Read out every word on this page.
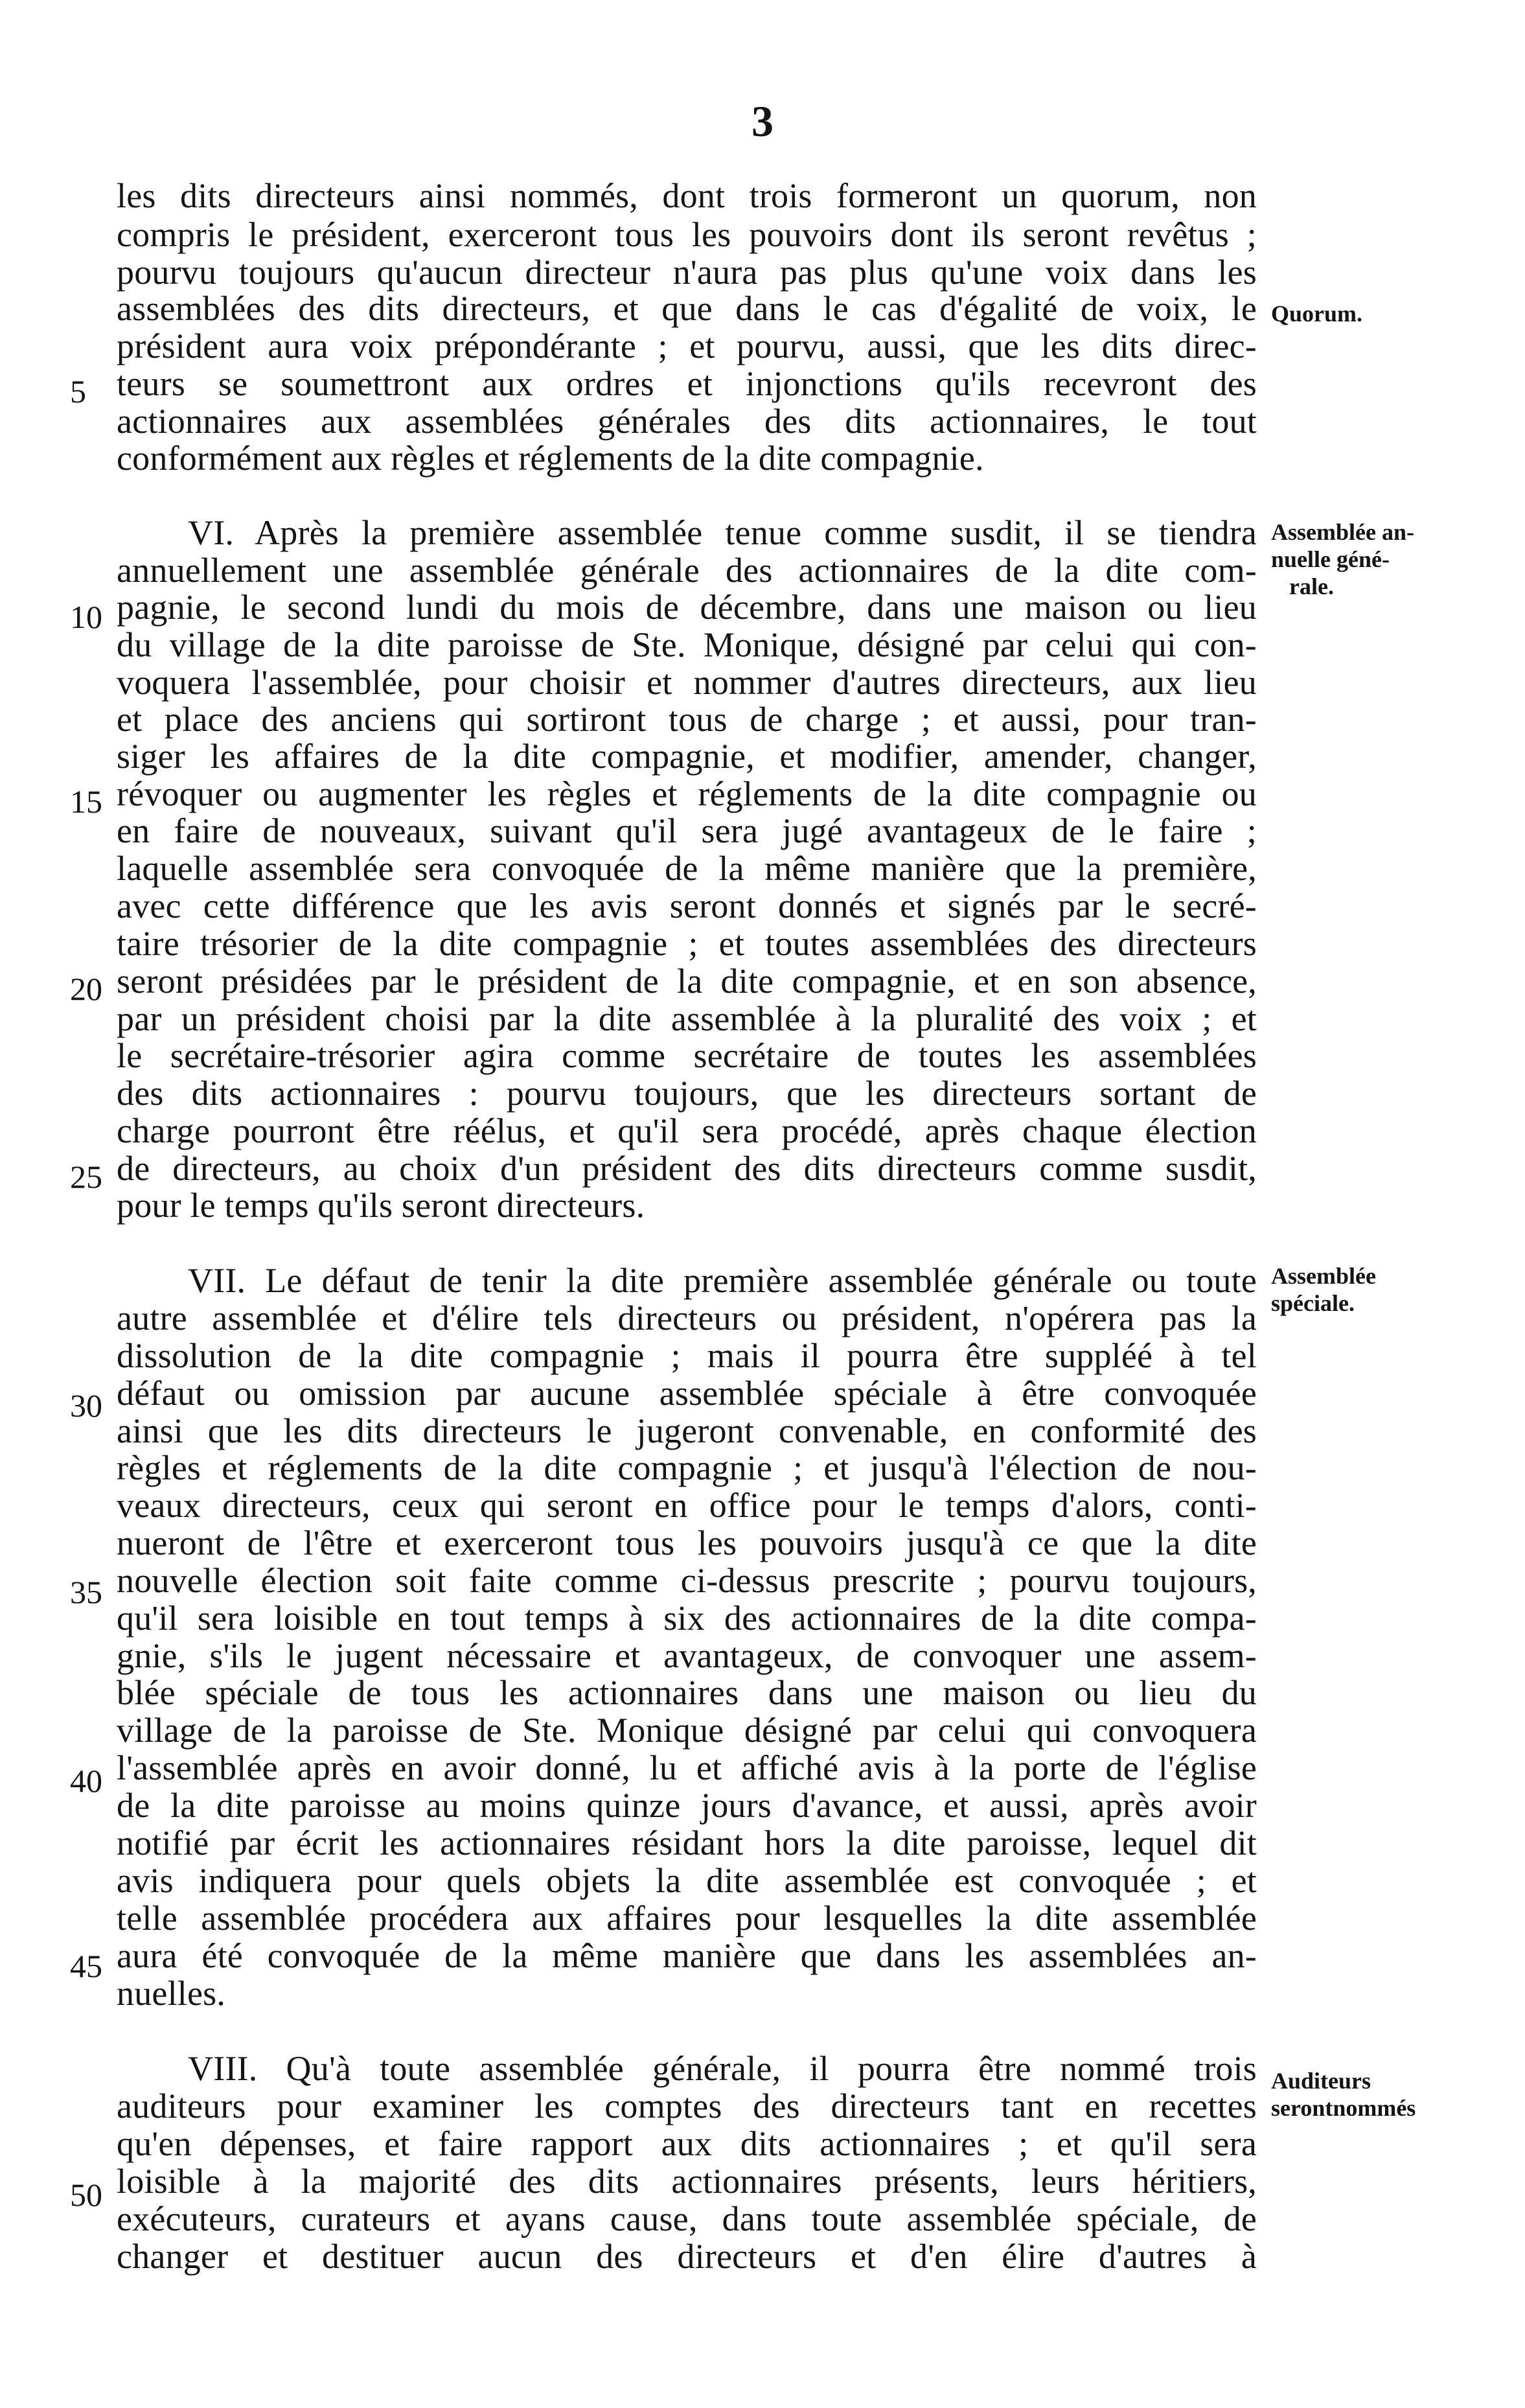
3
les dits directeurs ainsi nommés, dont trois formeront un quorum, non
compris le président, exerceront tous les pouvoirs dont ils seront revêtus ;
pourvu toujours qu'aucun directeur n'aura pas plus qu'une voix dans les
assemblées des dits directeurs, et que dans le cas d'égalité de voix, le
président aura voix prépondérante ; et pourvu, aussi, que les dits direc-
teurs se soumettront aux ordres et injonctions qu'ils recevront des
actionnaires aux assemblées générales des dits actionnaires, le tout
conformément aux règles et réglements de la dite compagnie.
VI. Après la première assemblée tenue comme susdit, il se tiendra
annuellement une assemblée générale des actionnaires de la dite com-
pagnie, le second lundi du mois de décembre, dans une maison ou lieu
du village de la dite paroisse de Ste. Monique, désigné par celui qui con-
voquera l'assemblée, pour choisir et nommer d'autres directeurs, aux lieu
et place des anciens qui sortiront tous de charge ; et aussi, pour tran-
siger les affaires de la dite compagnie, et modifier, amender, changer,
révoquer ou augmenter les règles et réglements de la dite compagnie ou
en faire de nouveaux, suivant qu'il sera jugé avantageux de le faire ;
laquelle assemblée sera convoquée de la même manière que la première,
avec cette différence que les avis seront donnés et signés par le secré-
taire trésorier de la dite compagnie ; et toutes assemblées des directeurs
seront présidées par le président de la dite compagnie, et en son absence,
par un président choisi par la dite assemblée à la pluralité des voix ; et
le secrétaire-trésorier agira comme secrétaire de toutes les assemblées
des dits actionnaires : pourvu toujours, que les directeurs sortant de
charge pourront être réélus, et qu'il sera procédé, après chaque élection
de directeurs, au choix d'un président des dits directeurs comme susdit,
pour le temps qu'ils seront directeurs.
VII. Le défaut de tenir la dite première assemblée générale ou toute
autre assemblée et d'élire tels directeurs ou président, n'opérera pas la
dissolution de la dite compagnie ; mais il pourra être suppléé à tel
défaut ou omission par aucune assemblée spéciale à être convoquée
ainsi que les dits directeurs le jugeront convenable, en conformité des
règles et réglements de la dite compagnie ; et jusqu'à l'élection de nou-
veaux directeurs, ceux qui seront en office pour le temps d'alors, conti-
nueront de l'être et exerceront tous les pouvoirs jusqu'à ce que la dite
nouvelle élection soit faite comme ci-dessus prescrite ; pourvu toujours,
qu'il sera loisible en tout temps à six des actionnaires de la dite compa-
gnie, s'ils le jugent nécessaire et avantageux, de convoquer une assem-
blée spéciale de tous les actionnaires dans une maison ou lieu du
village de la paroisse de Ste. Monique désigné par celui qui convoquera
l'assemblée après en avoir donné, lu et affiché avis à la porte de l'église
de la dite paroisse au moins quinze jours d'avance, et aussi, après avoir
notifié par écrit les actionnaires résidant hors la dite paroisse, lequel dit
avis indiquera pour quels objets la dite assemblée est convoquée ; et
telle assemblée procédera aux affaires pour lesquelles la dite assemblée
aura été convoquée de la même manière que dans les assemblées an-
nuelles.
VIII. Qu'à toute assemblée générale, il pourra être nommé trois
auditeurs pour examiner les comptes des directeurs tant en recettes
qu'en dépenses, et faire rapport aux dits actionnaires ; et qu'il sera
loisible à la majorité des dits actionnaires présents, leurs héritiers,
exécuteurs, curateurs et ayans cause, dans toute assemblée spéciale, de
changer et destituer aucun des directeurs et d'en élire d'autres à
5
10
15
20
25
30
35
40
45
50
Quorum.
Assemblée an-
nuelle géné-
rale.
Assemblée
spéciale.
Auditeurs
serontnommés
